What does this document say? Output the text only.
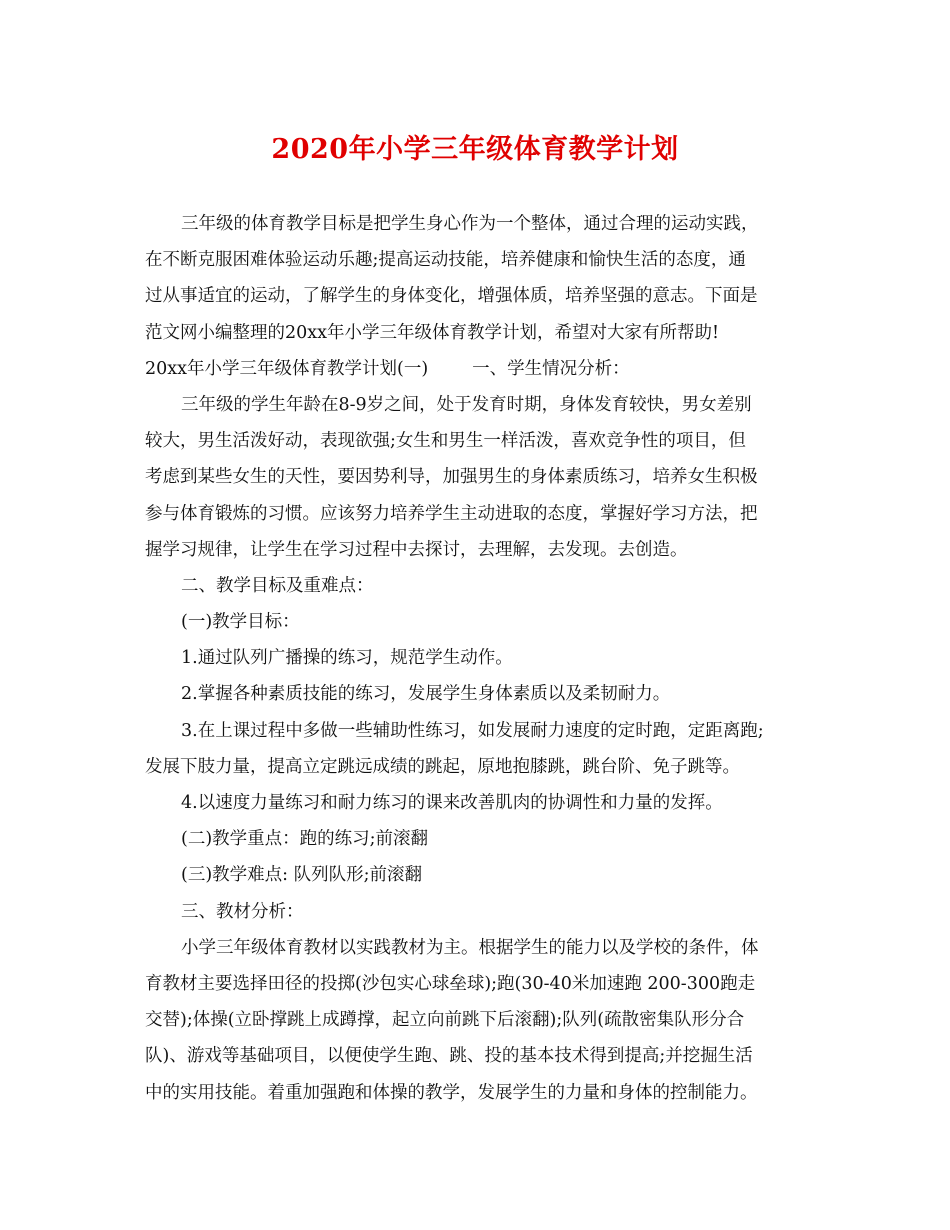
2020年小学三年级体育教学计划
三年级的体育教学目标是把学生身心作为一个整体，通过合理的运动实践，
在不断克服困难体验运动乐趣;提高运动技能，培养健康和愉快生活的态度，通
过从事适宜的运动，了解学生的身体变化，增强体质，培养坚强的意志。下面是
范文网小编整理的20xx年小学三年级体育教学计划，希望对大家有所帮助!
20xx年小学三年级体育教学计划(一)	一、学生情况分析：
三年级的学生年龄在8-9岁之间，处于发育时期，身体发育较快，男女差别
较大，男生活泼好动，表现欲强;女生和男生一样活泼，喜欢竞争性的项目，但
考虑到某些女生的天性，要因势利导，加强男生的身体素质练习，培养女生积极
参与体育锻炼的习惯。应该努力培养学生主动进取的态度，掌握好学习方法，把
握学习规律，让学生在学习过程中去探讨，去理解，去发现。去创造。
二、教学目标及重难点：
(一)教学目标：
1.通过队列广播操的练习，规范学生动作。
2.掌握各种素质技能的练习，发展学生身体素质以及柔韧耐力。
3.在上课过程中多做一些辅助性练习，如发展耐力速度的定时跑，定距离跑;
发展下肢力量，提高立定跳远成绩的跳起，原地抱膝跳，跳台阶、免子跳等。
4.以速度力量练习和耐力练习的课来改善肌肉的协调性和力量的发挥。
(二)教学重点：跑的练习;前滚翻
(三)教学难点: 队列队形;前滚翻
三、教材分析：
小学三年级体育教材以实践教材为主。根据学生的能力以及学校的条件，体
育教材主要选择田径的投掷(沙包实心球垒球);跑(30-40米加速跑 200-300跑走
交替);体操(立卧撑跳上成蹲撑，起立向前跳下后滚翻);队列(疏散密集队形分合
队)、游戏等基础项目，以便使学生跑、跳、投的基本技术得到提高;并挖掘生活
中的实用技能。着重加强跑和体操的教学，发展学生的力量和身体的控制能力。
